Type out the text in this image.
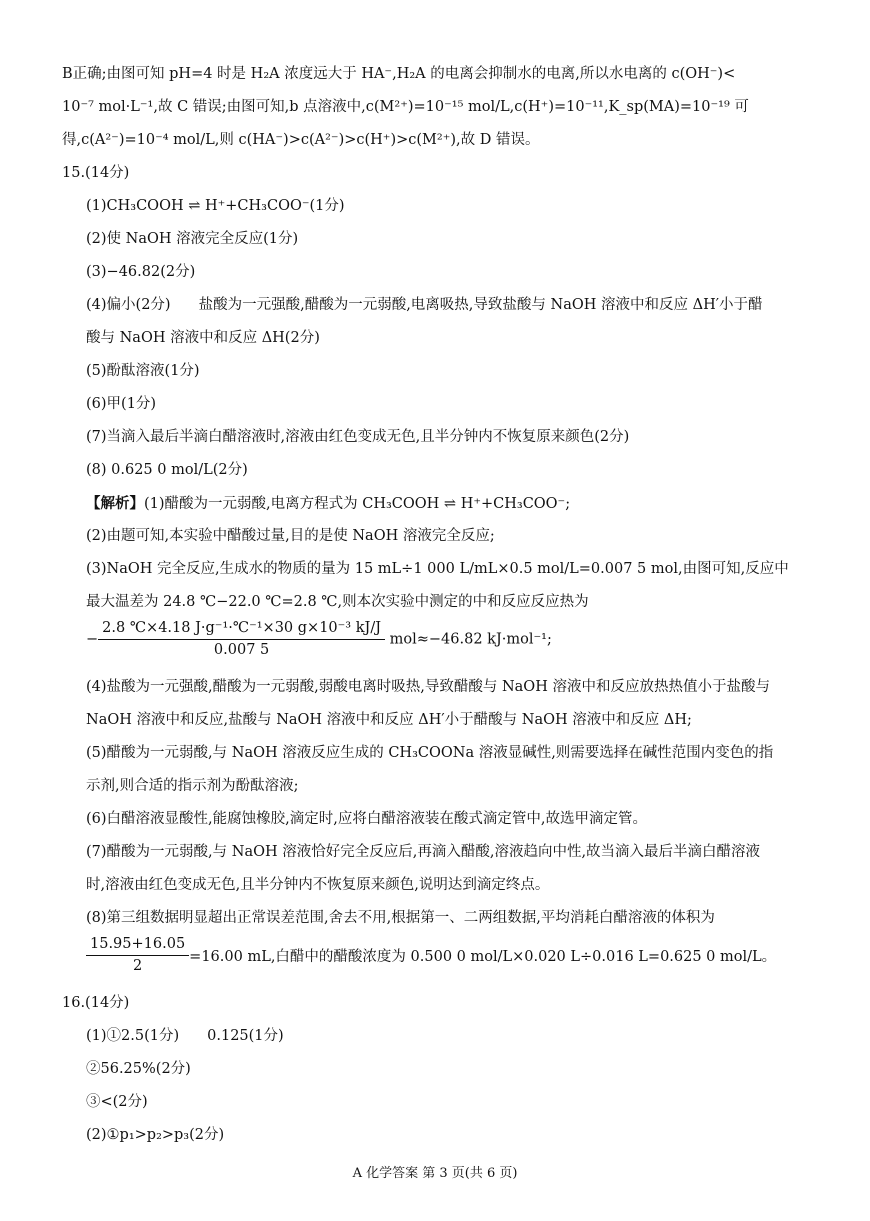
B正确;由图可知 pH=4 时是 H₂A 浓度远大于 HA⁻,H₂A 的电离会抑制水的电离,所以水电离的 c(OH⁻)<
10⁻⁷ mol·L⁻¹,故 C 错误;由图可知,b 点溶液中,c(M²⁺)=10⁻¹⁵ mol/L,c(H⁺)=10⁻¹¹,K_sp(MA)=10⁻¹⁹ 可
得,c(A²⁻)=10⁻⁴ mol/L,则 c(HA⁻)>c(A²⁻)>c(H⁺)>c(M²⁺),故 D 错误。
15.(14分)
(1)CH₃COOH ⇌ H⁺+CH₃COO⁻(1分)
(2)使 NaOH 溶液完全反应(1分)
(3)−46.82(2分)
(4)偏小(2分) 盐酸为一元强酸,醋酸为一元弱酸,电离吸热,导致盐酸与 NaOH 溶液中和反应 ΔH′小于醋
酸与 NaOH 溶液中和反应 ΔH(2分)
(5)酚酞溶液(1分)
(6)甲(1分)
(7)当滴入最后半滴白醋溶液时,溶液由红色变成无色,且半分钟内不恢复原来颜色(2分)
(8) 0.625 0 mol/L(2分)
【解析】(1)醋酸为一元弱酸,电离方程式为 CH₃COOH ⇌ H⁺+CH₃COO⁻;
(2)由题可知,本实验中醋酸过量,目的是使 NaOH 溶液完全反应;
(3)NaOH 完全反应,生成水的物质的量为 15 mL÷1 000 L/mL×0.5 mol/L=0.007 5 mol,由图可知,反应中
最大温差为 24.8 ℃−22.0 ℃=2.8 ℃,则本次实验中测定的中和反应反应热为
− $\frac{\text{2.8 ℃×4.18 J·g⁻¹·℃⁻¹×30 g×10⁻³ kJ/J}}{0.007 5} mol\approx-46.82$ kJ·mol⁻¹;
(4)盐酸为一元强酸,醋酸为一元弱酸,弱酸电离时吸热,导致醋酸与 NaOH 溶液中和反应放热热值小于盐酸与
NaOH 溶液中和反应,盐酸与 NaOH 溶液中和反应 ΔH′小于醋酸与 NaOH 溶液中和反应 ΔH;
(5)醋酸为一元弱酸,与 NaOH 溶液反应生成的 CH₃COONa 溶液显碱性,则需要选择在碱性范围内变色的指
示剂,则合适的指示剂为酚酞溶液;
(6)白醋溶液显酸性,能腐蚀橡胶,滴定时,应将白醋溶液装在酸式滴定管中,故选甲滴定管。
(7)醋酸为一元弱酸,与 NaOH 溶液恰好完全反应后,再滴入醋酸,溶液趋向中性,故当滴入最后半滴白醋溶液
时,溶液由红色变成无色,且半分钟内不恢复原来颜色,说明达到滴定终点。
(8)第三组数据明显超出正常误差范围,舍去不用,根据第一、二两组数据,平均消耗白醋溶液的体积为
$\frac{15.95+16.05}{2} =16.00$ mL,白醋中的醋酸浓度为 0.500 0 mol/L×0.020 L÷0.016 L=0.625 0 mol/L。
16.(14分)
(1)①2.5(1分) 0.125(1分)
②56.25%(2分)
③<(2分)
(2)①p₁>p₂>p₃(2分)
A 化学答案 第 3 页(共 6 页)
